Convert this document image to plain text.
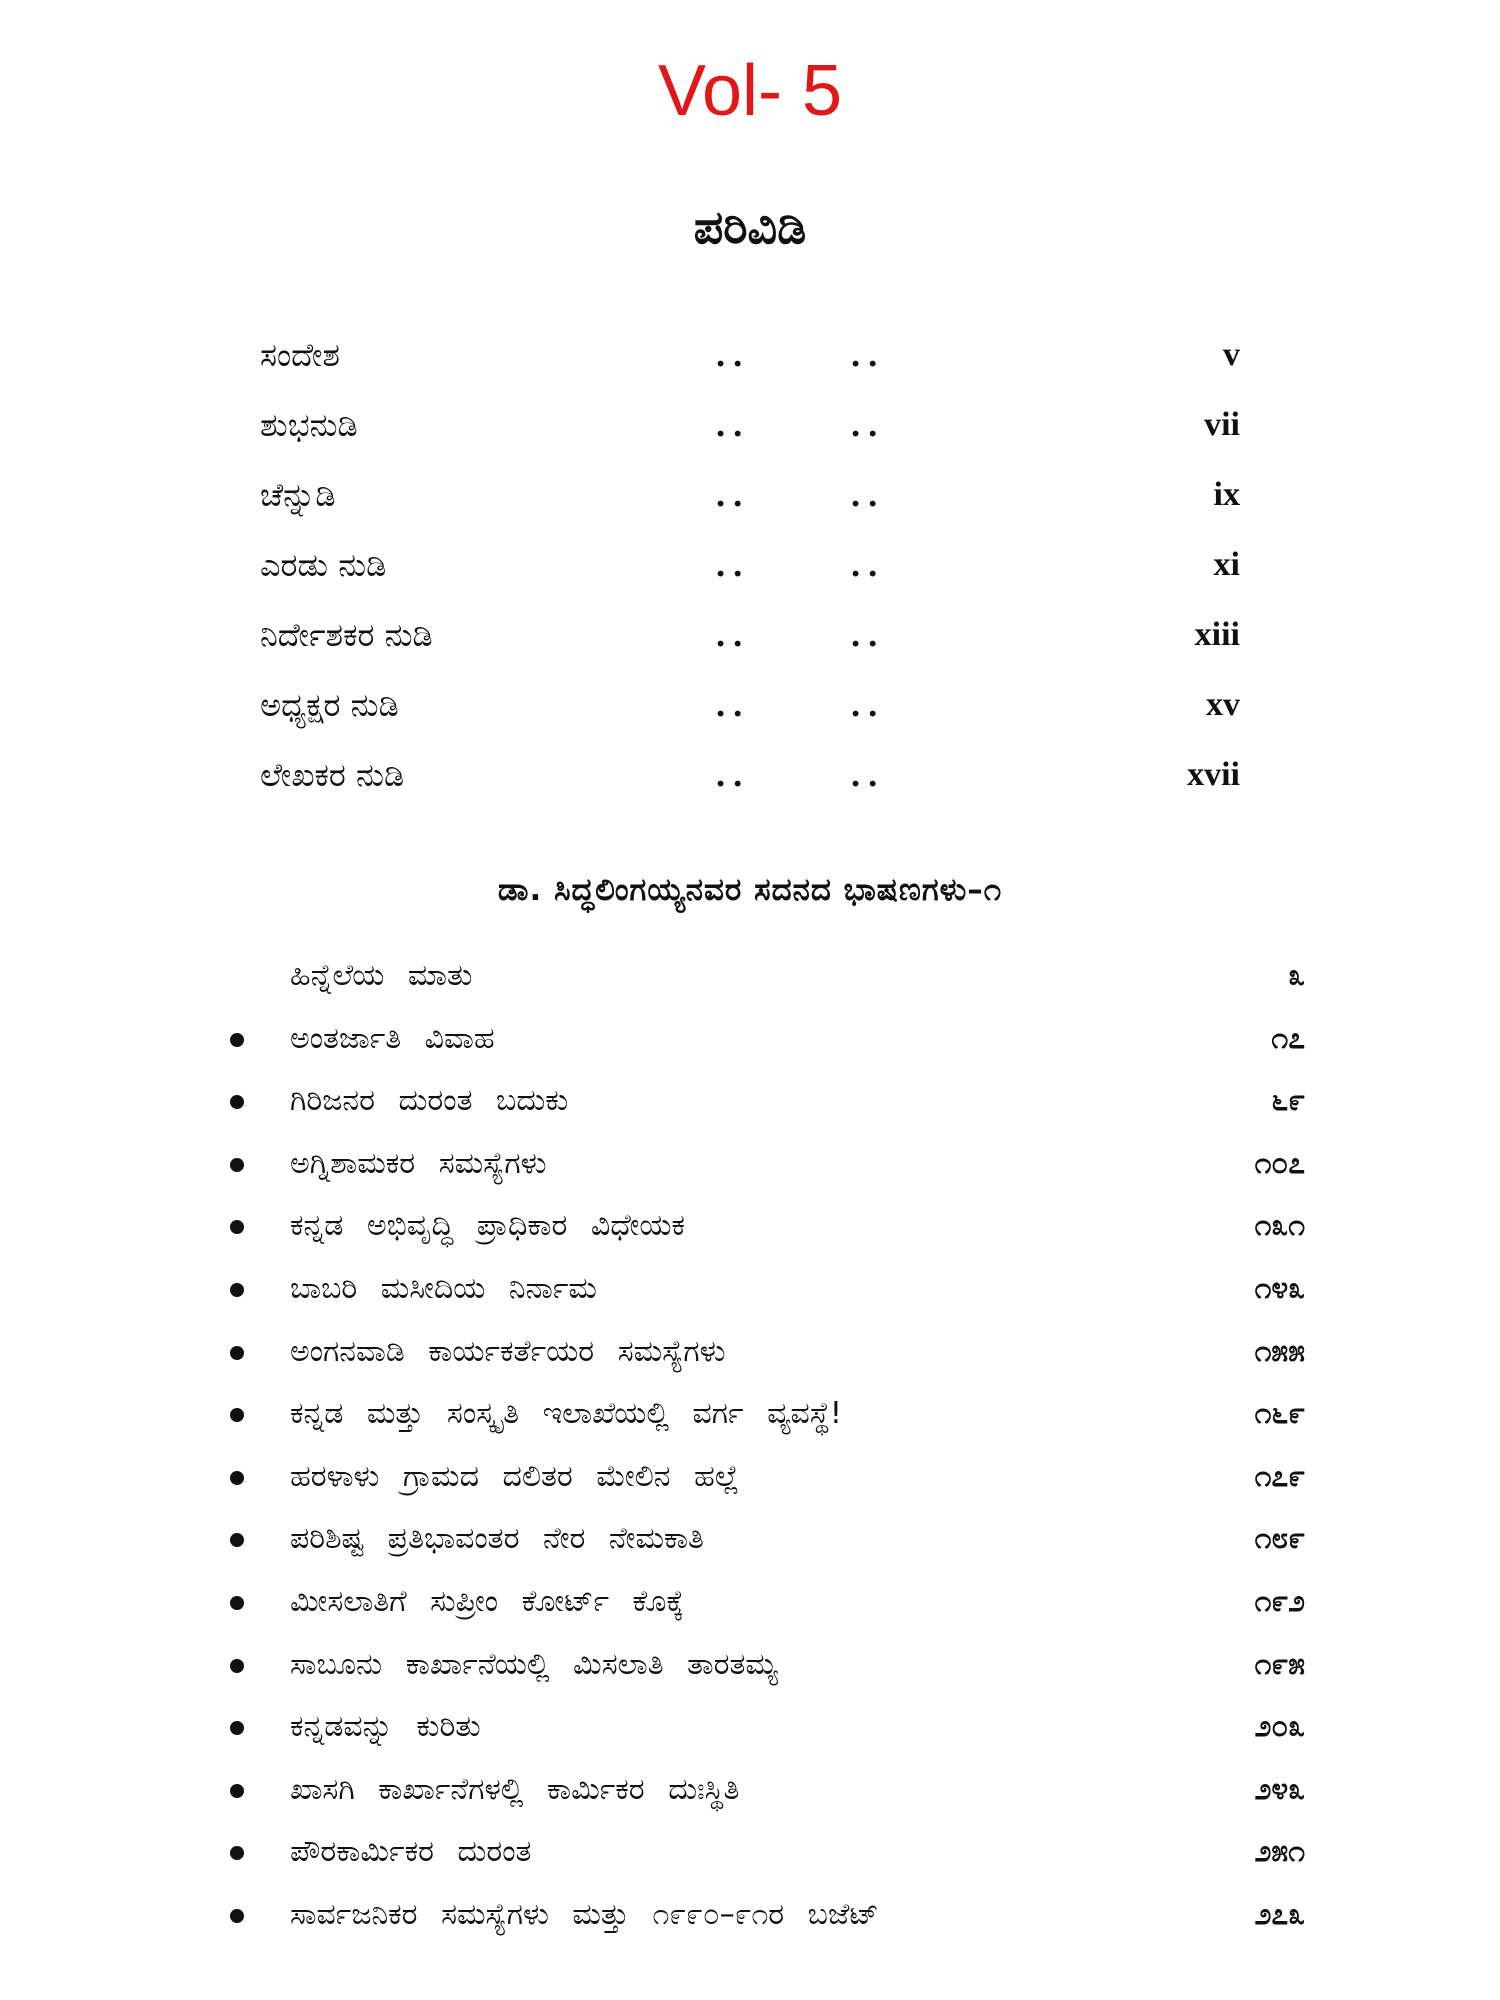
Vol- 5
ಪರಿವಿಡಿ
ಸಂದೇಶ	..	..	v
ಶುಭನುಡಿ	..	..	vii
ಚೆನ್ನುಡಿ	..	..	ix
ಎರಡು ನುಡಿ	..	..	xi
ನಿರ್ದೇಶಕರ ನುಡಿ	..	..	xiii
ಅಧ್ಯಕ್ಷರ ನುಡಿ	..	..	xv
ಲೇಖಕರ ನುಡಿ	..	..	xvii
ಡಾ. ಸಿದ್ಧಲಿಂಗಯ್ಯನವರ ಸದನದ ಭಾಷಣಗಳು–೧
ಹಿನ್ನೆಲೆಯ ಮಾತು	೩
ಅಂತರ್ಜಾತಿ ವಿವಾಹ	೧೭
ಗಿರಿಜನರ ದುರಂತ ಬದುಕು	೬೯
ಅಗ್ನಿಶಾಮಕರ ಸಮಸ್ಯೆಗಳು	೧೦೭
ಕನ್ನಡ ಅಭಿವೃದ್ಧಿ ಪ್ರಾಧಿಕಾರ ವಿಧೇಯಕ	೧೩೧
ಬಾಬರಿ ಮಸೀದಿಯ ನಿರ್ನಾಮ	೧೪೩
ಅಂಗನವಾಡಿ ಕಾರ್ಯಕರ್ತೆಯರ ಸಮಸ್ಯೆಗಳು	೧೫೫
ಕನ್ನಡ ಮತ್ತು ಸಂಸ್ಕೃತಿ ಇಲಾಖೆಯಲ್ಲಿ ವರ್ಗ ವ್ಯವಸ್ಥೆ!	೧೬೯
ಹರಳಾಳು ಗ್ರಾಮದ ದಲಿತರ ಮೇಲಿನ ಹಲ್ಲೆ	೧೭೯
ಪರಿಶಿಷ್ಟ ಪ್ರತಿಭಾವಂತರ ನೇರ ನೇಮಕಾತಿ	೧೮೯
ಮೀಸಲಾತಿಗೆ ಸುಪ್ರೀಂ ಕೋರ್ಟ್ ಕೊಕ್ಕೆ	೧೯೨
ಸಾಬೂನು ಕಾರ್ಖಾನೆಯಲ್ಲಿ ಮಿಸಲಾತಿ ತಾರತಮ್ಯ	೧೯೫
ಕನ್ನಡವನ್ನು ಕುರಿತು	೨೦೩
ಖಾಸಗಿ ಕಾರ್ಖಾನೆಗಳಲ್ಲಿ ಕಾರ್ಮಿಕರ ದುಃಸ್ಥಿತಿ	೨೪೩
ಪೌರಕಾರ್ಮಿಕರ ದುರಂತ	೨೫೧
ಸಾರ್ವಜನಿಕರ ಸಮಸ್ಯೆಗಳು ಮತ್ತು ೧೯೯೦–೯೧ರ ಬಜೆಟ್	೨೭೩
